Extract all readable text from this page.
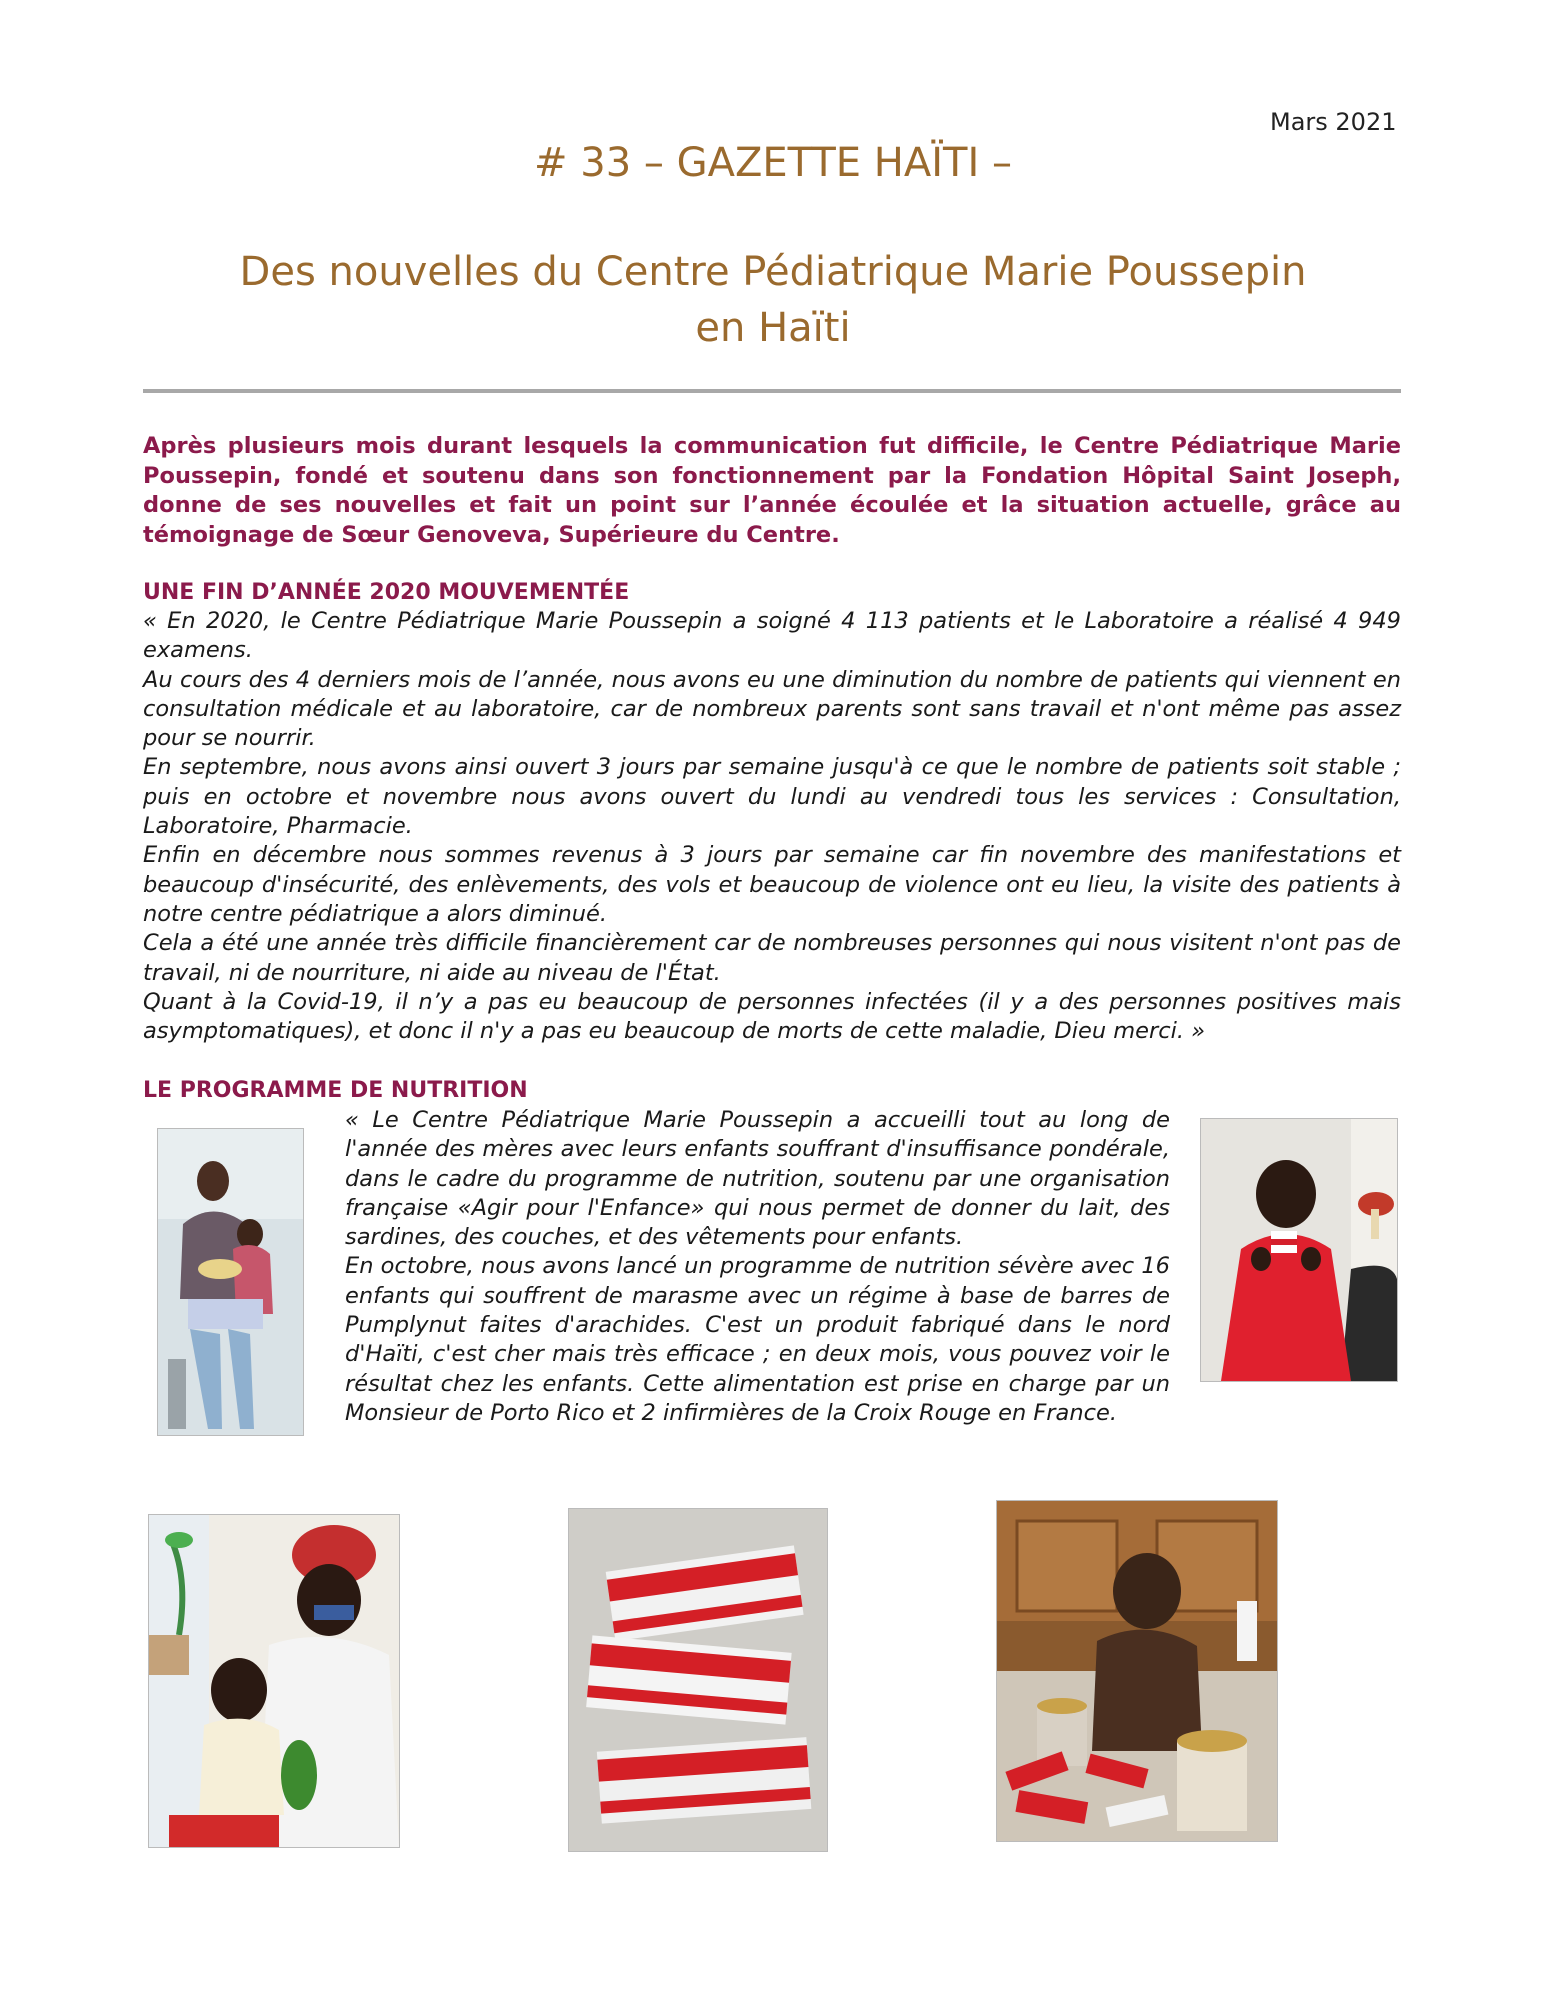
Mars 2021
# 33 – GAZETTE HAÏTI –
Des nouvelles du Centre Pédiatrique Marie Poussepin
en Haïti
Après plusieurs mois durant lesquels la communication fut difficile, le Centre Pédiatrique Marie Poussepin, fondé et soutenu dans son fonctionnement par la Fondation Hôpital Saint Joseph, donne de ses nouvelles et fait un point sur l’année écoulée et la situation actuelle, grâce au témoignage de Sœur Genoveva, Supérieure du Centre.
UNE FIN D’ANNÉE 2020 MOUVEMENTÉE

« En 2020, le Centre Pédiatrique Marie Poussepin a soigné 4 113 patients et le Laboratoire a réalisé 4 949 examens.

Au cours des 4 derniers mois de l’année, nous avons eu une diminution du nombre de patients qui viennent en consultation médicale et au laboratoire, car de nombreux parents sont sans travail et n'ont même pas assez pour se nourrir.

En septembre, nous avons ainsi ouvert 3 jours par semaine jusqu'à ce que le nombre de patients soit stable ; puis en octobre et novembre nous avons ouvert du lundi au vendredi tous les services : Consultation, Laboratoire, Pharmacie.

Enfin en décembre nous sommes revenus à 3 jours par semaine car fin novembre des manifestations et beaucoup d'insécurité, des enlèvements, des vols et beaucoup de violence ont eu lieu, la visite des patients à notre centre pédiatrique a alors diminué.

Cela a été une année très difficile financièrement car de nombreuses personnes qui nous visitent n'ont pas de travail, ni de nourriture, ni aide au niveau de l'État.

Quant à la Covid-19, il n’y a pas eu beaucoup de personnes infectées (il y a des personnes positives mais asymptomatiques), et donc il n'y a pas eu beaucoup de morts de cette maladie, Dieu merci. »

LE PROGRAMME DE NUTRITION

« Le Centre Pédiatrique Marie Poussepin a accueilli tout au long de l'année des mères avec leurs enfants souffrant d'insuffisance pondérale, dans le cadre du programme de nutrition, soutenu par une organisation française «Agir pour l'Enfance» qui nous permet de donner du lait, des sardines, des couches, et des vêtements pour enfants.

En octobre, nous avons lancé un programme de nutrition sévère avec 16 enfants qui souffrent de marasme avec un régime à base de barres de Pumplynut faites d'arachides. C'est un produit fabriqué dans le nord d'Haïti, c'est cher mais très efficace ; en deux mois, vous pouvez voir le résultat chez les enfants. Cette alimentation est prise en charge par un Monsieur de Porto Rico et 2 infirmières de la Croix Rouge en France.
